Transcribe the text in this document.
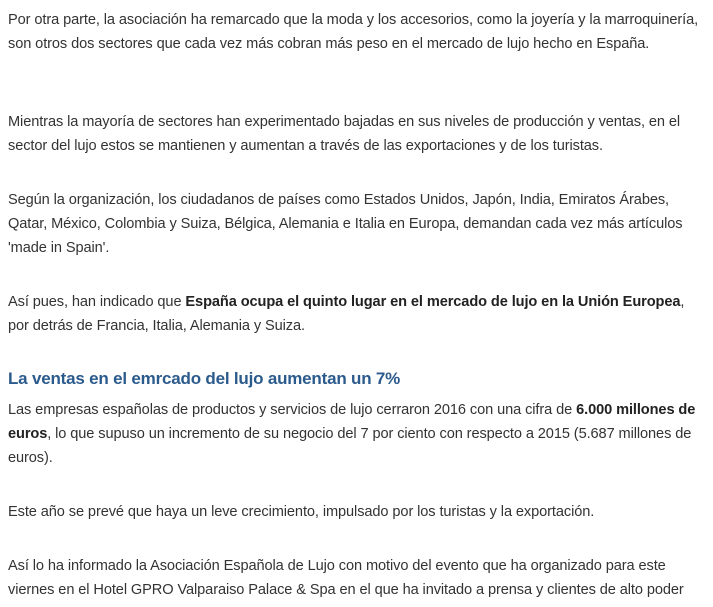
Por otra parte, la asociación ha remarcado que la moda y los accesorios, como la joyería y la marroquinería, son otros dos sectores que cada vez más cobran más peso en el mercado de lujo hecho en España.

Mientras la mayoría de sectores han experimentado bajadas en sus niveles de producción y ventas, en el sector del lujo estos se mantienen y aumentan a través de las exportaciones y de los turistas.

Según la organización, los ciudadanos de países como Estados Unidos, Japón, India, Emiratos Árabes, Qatar, México, Colombia y Suiza, Bélgica, Alemania e Italia en Europa, demandan cada vez más artículos 'made in Spain'.

Así pues, han indicado que España ocupa el quinto lugar en el mercado de lujo en la Unión Europea, por detrás de Francia, Italia, Alemania y Suiza.

La ventas en el emrcado del lujo aumentan un 7%

Las empresas españolas de productos y servicios de lujo cerraron 2016 con una cifra de 6.000 millones de euros, lo que supuso un incremento de su negocio del 7 por ciento con respecto a 2015 (5.687 millones de euros).

Este año se prevé que haya un leve crecimiento, impulsado por los turistas y la exportación.

Así lo ha informado la Asociación Española de Lujo con motivo del evento que ha organizado para este viernes en el Hotel GPRO Valparaiso Palace & Spa en el que ha invitado a prensa y clientes de alto poder
